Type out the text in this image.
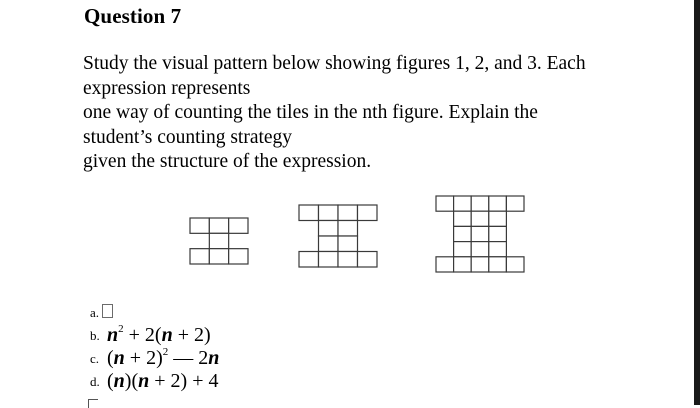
Question 7
Study the visual pattern below showing figures 1, 2, and 3. Each
expression represents
one way of counting the tiles in the nth figure. Explain the
student’s counting strategy
given the structure of the expression.
a.
b. $n^2 + 2(n + 2)$
c. $(n + 2)^2$ — 2n
d. (n)(n + 2) + 4
